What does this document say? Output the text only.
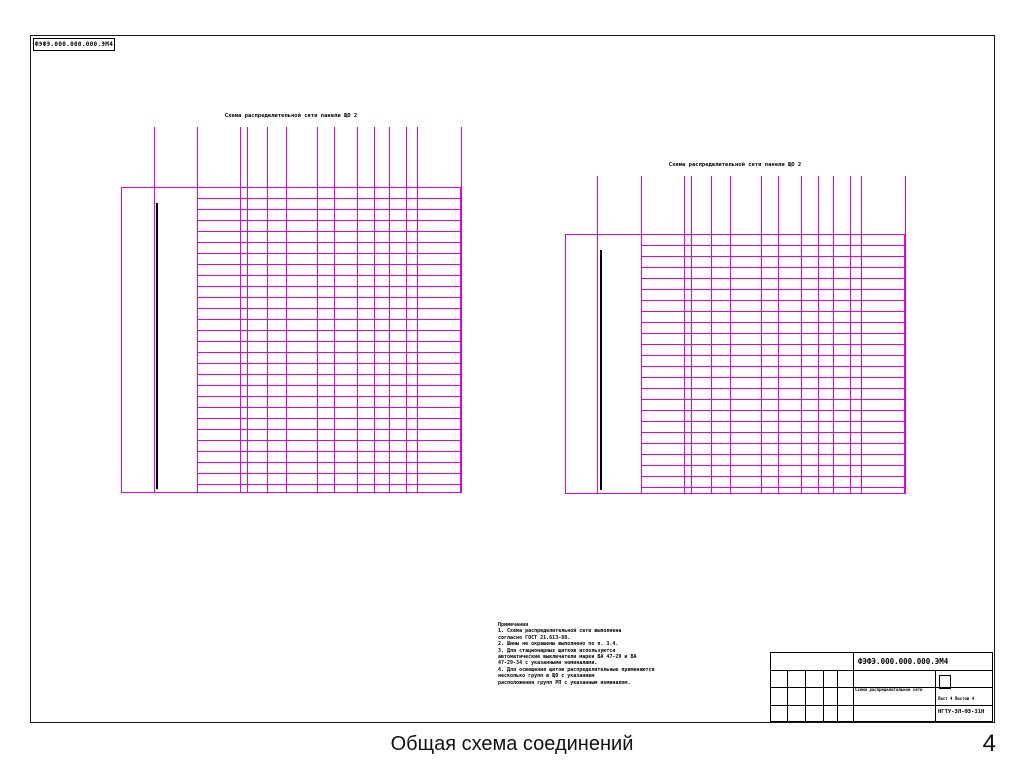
ФЭФЭ.000.000.000.ЭМ4
Схема распределительной сети панели ЩО 2
Схема распределительной сети панели ЩО 2
Примечания
1. Схема распределительной сети выполнена
согласно ГОСТ 21.613-88.
2. Шины не окрашены выполнено по п. 3.4.
3. Для стационарных щитков используются
автоматические выключатели марки ВА 47-29 и ВА
47-29-34 с указанными номиналами.
4. Для освещения щитов распределительные применяются
несколько групп в ЩО с указанием
расположения групп РП с указанным номиналом.
ФЭФЭ.000.000.000.ЭМ4
Схема распределительной сети
Лист 4 Листов 4
НГТУ-ЭЛ-ФЭ-31Н
Общая схема соединений	4
